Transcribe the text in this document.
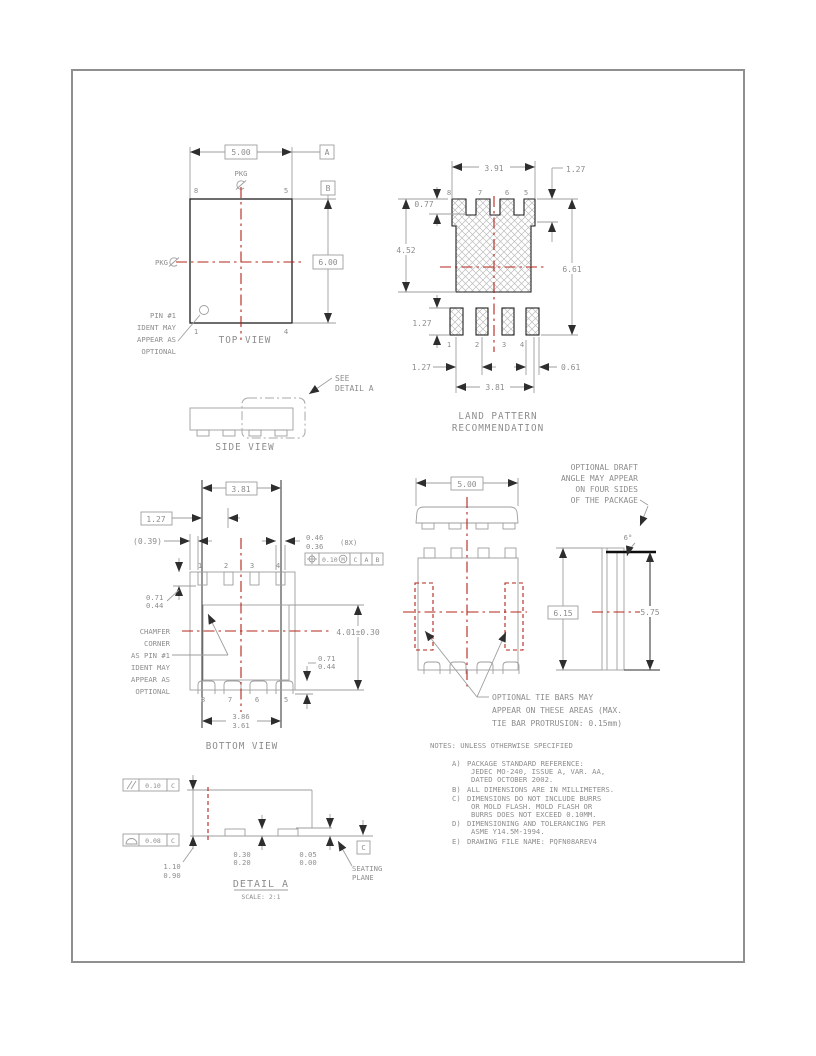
5.00	A
B
6.00
PKG
PKG
8	5
1	4
PIN #1
IDENT MAY
APPEAR AS
OPTIONAL
TOP VIEW
8	7	6 5
1	2	3 4
3.91	1.27
0.77
4.52
6.61
1.27
1.27	0.61
3.81
LAND PATTERN
RECOMMENDATION
SEE
DETAIL A
SIDE VIEW
3.81
1.27
(0.39)	0.46
0.36 (8X)
0.10 M C A B
0.71
0.44
1	2	3	4
8	7	6	5
CHAMFER
CORNER
AS PIN #1
IDENT MAY
APPEAR AS
OPTIONAL
4.01±0.30
0.71
0.44
3.86
3.61
BOTTOM VIEW
5.00
OPTIONAL TIE BARS MAY
APPEAR ON THESE AREAS (MAX.
TIE BAR PROTRUSION: 0.15mm)
6°
6.15	5.75
OPTIONAL DRAFT
ANGLE MAY APPEAR
ON FOUR SIDES
OF THE PACKAGE
NOTES: UNLESS OTHERWISE SPECIFIED
A) PACKAGE STANDARD REFERENCE:
JEDEC MO-240, ISSUE A, VAR. AA,
DATED OCTOBER 2002.
B) ALL DIMENSIONS ARE IN MILLIMETERS.
C) DIMENSIONS DO NOT INCLUDE BURRS
OR MOLD FLASH. MOLD FLASH OR
BURRS DOES NOT EXCEED 0.10MM.
D) DIMENSIONING AND TOLERANCING PER
ASME Y14.5M-1994.
E) DRAWING FILE NAME: PQFN08AREV4
0.10 C
0.08 C
0.30
0.20
0.05
0.00
1.10
0.90
C
SEATING
PLANE
DETAIL A
SCALE: 2:1
